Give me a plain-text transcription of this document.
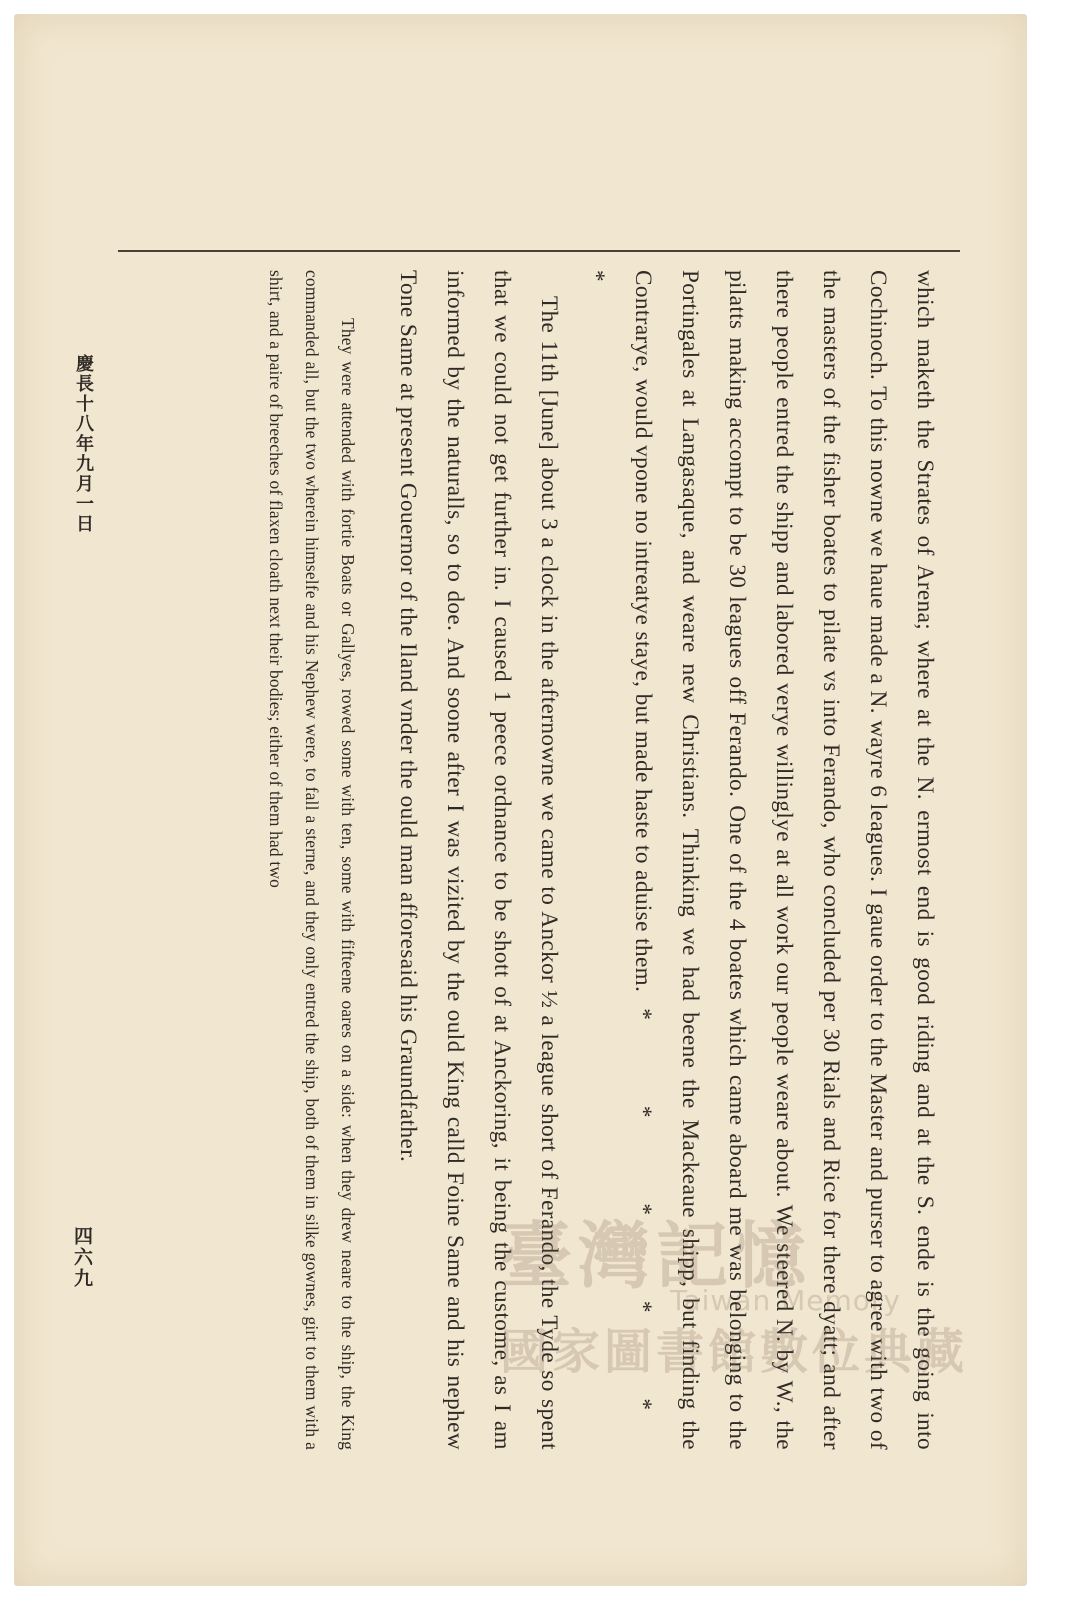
which maketh the Strates of Arena; where at the N. ermost end is good riding and at the S. ende is the going into Cochinoch. To this nowne we haue made a N. wayre 6 leagues. I gaue order to the Master and purser to agree with two of the masters of the fisher boates to pilate vs into Ferando, who concluded per 30 Rials and Rice for there dyatt; and after there people entred the shipp and labored verye willinglye at all work our people weare about. We steered N. by W., the pilatts making accompt to be 30 leagues off Ferando. One of the 4 boates which came aboard me was belonging to the Portingales at Langasaque, and weare new Christians. Thinking we had beene the Mackeaue shipp, but finding the Contrarye, would vpone no intreatye staye, but made haste to aduise them.* * * * * *

The 11th [June] about 3 a clock in the afternowne we came to Anckor ½ a league short of Ferando, the Tyde so spent that we could not get further in. I caused 1 peece ordnance to be shott of at Anckoring, it being the custome, as I am informed by the naturalls, so to doe. And soone after I was vizited by the ould King calld Foine Same and his nephew Tone Same at present Gouernor of the Iland vnder the ould man afforesaid his Graundfather.

They were attended with fortie Boats or Gallyes, rowed some with ten, some with fifteene oares on a side: when they drew neare to the ship, the King commanded all, but the two wherein himselfe and his Nephew were, to fall a sterne, and they only entred the ship, both of them in silke gownes, girt to them with a shirt, and a paire of breeches of flaxen cloath next their bodies; either of them had two

慶長十八年九月一日
四六九	臺灣記憶
Taiwan Memory
國家圖書館數位典藏
